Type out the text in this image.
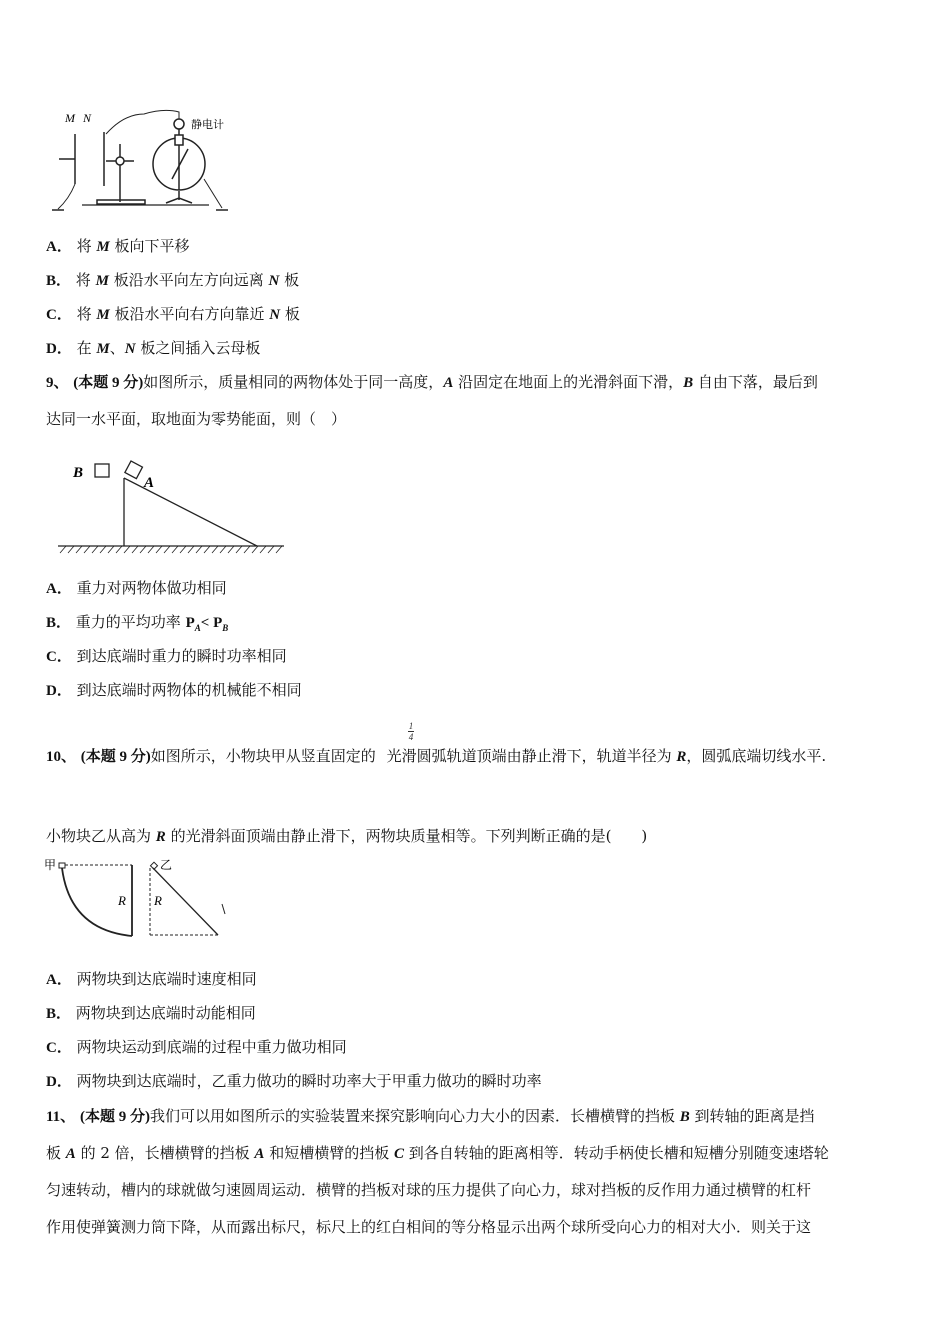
M N	静电计
A． 将 M 板向下平移
B． 将 M 板沿水平向左方向远离 N 板
C． 将 M 板沿水平向右方向靠近 N 板
D． 在 M、N 板之间插入云母板
9、 (本题 9 分)如图所示，质量相同的两物体处于同一高度，A 沿固定在地面上的光滑斜面下滑，B 自由下落，最后到
达同一水平面，取地面为零势能面，则（　）
B
A
A． 重力对两物体做功相同
B． 重力的平均功率 $P_A< P_B$
C． 到达底端时重力的瞬时功率相同
D． 到达底端时两物体的机械能不相同
1
4
10、 (本题 9 分)如图所示，小物块甲从竖直固定的 光滑圆弧轨道顶端由静止滑下，轨道半径为 R，圆弧底端切线水平.
小物块乙从高为 R 的光滑斜面顶端由静止滑下，两物块质量相等。下列判断正确的是(　　)
甲	乙
R R
A． 两物块到达底端时速度相同
B． 两物块到达底端时动能相同
C． 两物块运动到底端的过程中重力做功相同
D． 两物块到达底端时，乙重力做功的瞬时功率大于甲重力做功的瞬时功率
11、 (本题 9 分)我们可以用如图所示的实验装置来探究影响向心力大小的因素．长槽横臂的挡板 B 到转轴的距离是挡
板 A 的 2 倍，长槽横臂的挡板 A 和短槽横臂的挡板 C 到各自转轴的距离相等．转动手柄使长槽和短槽分别随变速塔轮
匀速转动，槽内的球就做匀速圆周运动．横臂的挡板对球的压力提供了向心力，球对挡板的反作用力通过横臂的杠杆
作用使弹簧测力筒下降，从而露出标尺，标尺上的红白相间的等分格显示出两个球所受向心力的相对大小．则关于这
